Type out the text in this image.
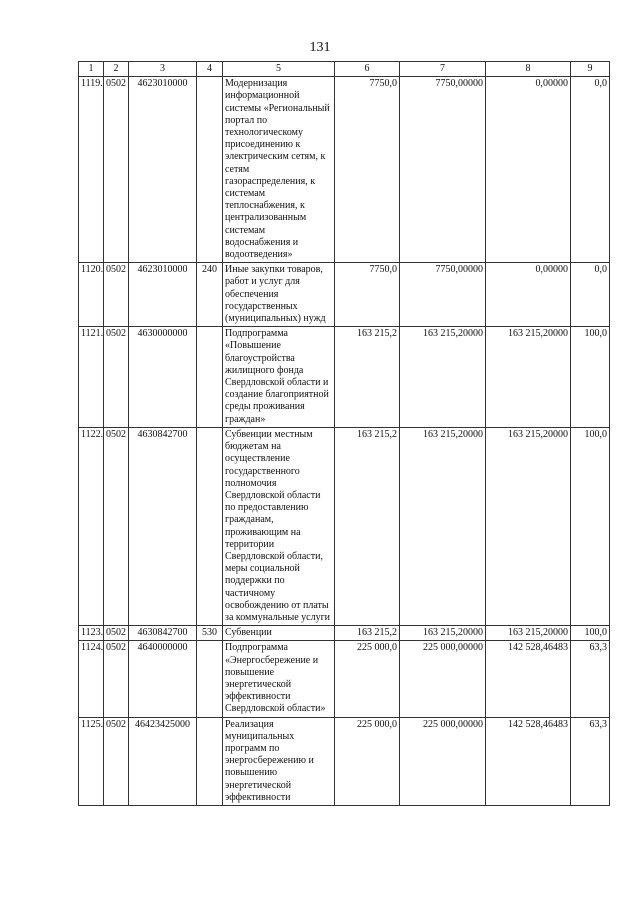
131
1	2	3	4	5	6	7	8	9
1119.	0502	4623010000		Модернизация информационной системы «Региональный портал по технологическому присоединению к электрическим сетям, к сетям газораспределения, к системам теплоснабжения, к централизованным системам водоснабжения и водоотведения»	7750,0	7750,00000	0,00000	0,0
1120.	0502	4623010000	240	Иные закупки товаров, работ и услуг для обеспечения государственных (муниципальных) нужд	7750,0	7750,00000	0,00000	0,0
1121.	0502	4630000000		Подпрограмма «Повышение благоустройства жилищного фонда Свердловской области и создание благоприятной среды проживания граждан»	163 215,2	163 215,20000	163 215,20000	100,0
1122.	0502	4630842700		Субвенции местным бюджетам на осуществление государственного полномочия Свердловской области по предоставлению гражданам, проживающим на территории Свердловской области, меры социальной поддержки по частичному освобождению от платы за коммунальные услуги	163 215,2	163 215,20000	163 215,20000	100,0
1123.	0502	4630842700	530	Субвенции	163 215,2	163 215,20000	163 215,20000	100,0
1124.	0502	4640000000		Подпрограмма «Энергосбережение и повышение энергетической эффективности Свердловской области»	225 000,0	225 000,00000	142 528,46483	63,3
1125.	0502	46423425000		Реализация муниципальных программ по энергосбережению и повышению энергетической эффективности	225 000,0	225 000,00000	142 528,46483	63,3
